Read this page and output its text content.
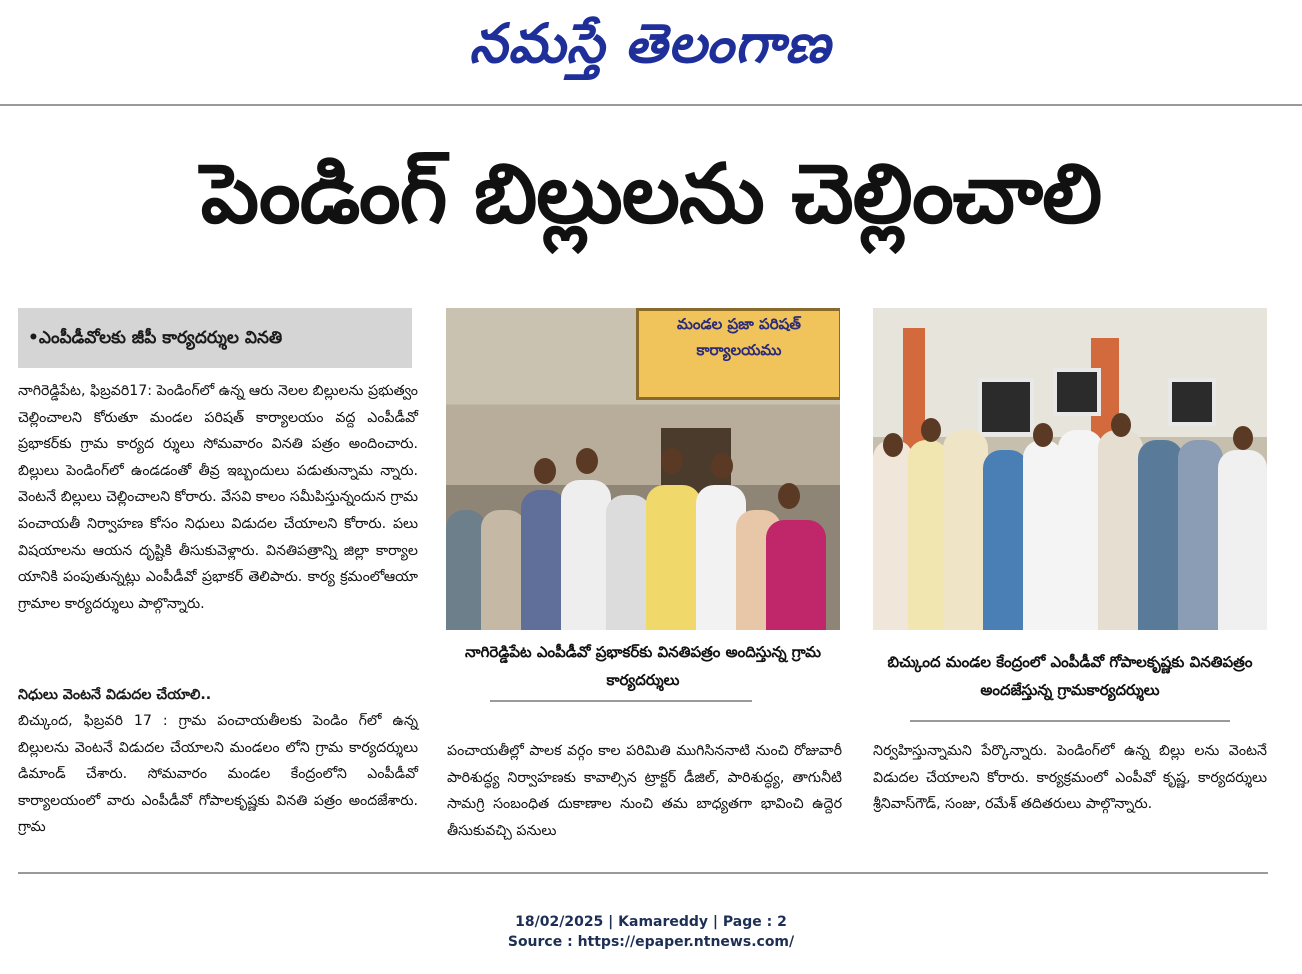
నమస్తే తెలంగాణ
పెండింగ్ బిల్లులను చెల్లించాలి
•ఎంపీడీవోలకు జీపీ కార్యదర్శుల వినతి

నాగిరెడ్డిపేట, ఫిబ్రవరి17: పెండింగ్‌లో ఉన్న ఆరు నెలల బిల్లులను ప్రభుత్వం చెల్లించాలని కోరుతూ మండల పరిషత్ కార్యాలయం వద్ద ఎంపీడీవో ప్రభాకర్‌కు గ్రామ కార్యద ర్శులు సోమవారం వినతి పత్రం అందించారు. బిల్లులు పెండింగ్‌లో ఉండడంతో తీవ్ర ఇబ్బందులు పడుతున్నామ న్నారు. వెంటనే బిల్లులు చెల్లించాలని కోరారు. వేసవి కాలం సమీపిస్తున్నందున గ్రామ పంచాయతీ నిర్వాహణ కోసం నిధులు విడుదల చేయాలని కోరారు. పలు విషయాలను ఆయన దృష్టికి తీసుకువెళ్లారు. వినతిపత్రాన్ని జిల్లా కార్యాల యానికి పంపుతున్నట్లు ఎంపీడీవో ప్రభాకర్ తెలిపారు. కార్య క్రమంలోఆయా గ్రామాల కార్యదర్శులు పాల్గొన్నారు.

నిధులు వెంటనే విడుదల చేయాలి..

బిచ్కుంద, ఫిబ్రవరి 17 : గ్రామ పంచాయతీలకు పెండిం గ్‌లో ఉన్న బిల్లులను వెంటనే విడుదల చేయాలని మండలం లోని గ్రామ కార్యదర్శులు డిమాండ్ చేశారు. సోమవారం మండల కేంద్రంలోని ఎంపీడీవో కార్యాలయంలో వారు ఎంపీడీవో గోపాలకృష్ణకు వినతి పత్రం అందజేశారు. గ్రామ

మండల ప్రజా పరిషత్
కార్యాలయము
నాగిరెడ్డిపేట ఎంపీడీవో ప్రభాకర్‌కు వినతిపత్రం అందిస్తున్న గ్రామ కార్యదర్శులు
బిచ్కుంద మండల కేంద్రంలో ఎంపీడీవో గోపాలకృష్ణకు వినతిపత్రం అందజేస్తున్న గ్రామకార్యదర్శులు
పంచాయతీల్లో పాలక వర్గం కాల పరిమితి ముగిసిననాటి నుంచి రోజువారీ పారిశుద్ధ్య నిర్వాహణకు కావాల్సిన ట్రాక్టర్ డీజిల్, పారిశుద్ధ్య, తాగునీటి సామగ్రి సంబంధిత దుకాణాల నుంచి తమ బాధ్యతగా భావించి ఉద్దెర తీసుకువచ్చి పనులు
నిర్వహిస్తున్నామని పేర్కొన్నారు. పెండింగ్‌లో ఉన్న బిల్లు లను వెంటనే విడుదల చేయాలని కోరారు. కార్యక్రమంలో ఎంపీవో కృష్ణ, కార్యదర్శులు శ్రీనివాస్‌గౌడ్, సంజు, రమేశ్ తదితరులు పాల్గొన్నారు.
18/02/2025 | Kamareddy | Page : 2
Source : https://epaper.ntnews.com/
